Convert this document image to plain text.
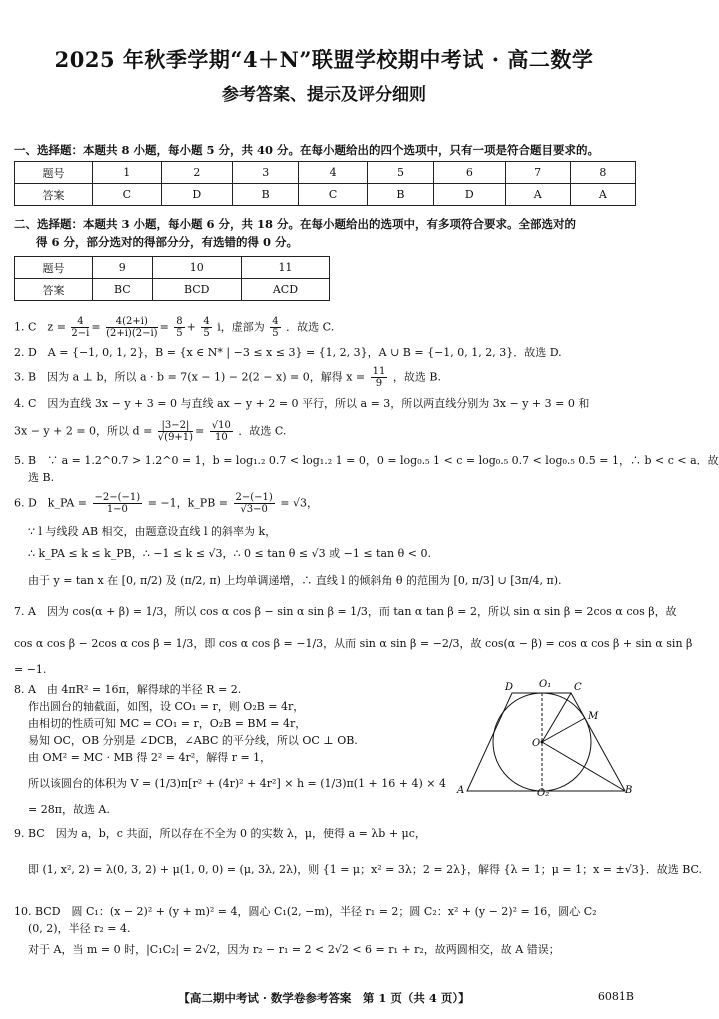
2025 年秋季学期“4＋N”联盟学校期中考试 · 高二数学
参考答案、提示及评分细则
一、选择题：本题共 8 小题，每小题 5 分，共 40 分。在每小题给出的四个选项中，只有一项是符合题目要求的。
题号	1	2	3	4	5	6	7	8
答案	C	D	B	C	B	D	A	A
二、选择题：本题共 3 小题，每小题 6 分，共 18 分。在每小题给出的选项中，有多项符合要求。全部选对的
得 6 分，部分选对的得部分分，有选错的得 0 分。
题号	9	10	11
答案	BC	BCD	ACD
1. C　$z = \frac{4}{2-i} = \frac{4(2+i)}{(2+i)(2-i)} = \frac{8}{5} + \frac{4}{5}$ i，虚部为 $\frac{4}{5}$ ．故选 C.
2. D　A = {−1, 0, 1, 2}，B = {x ∈ N* | −3 ≤ x ≤ 3} = {1, 2, 3}，A ∪ B = {−1, 0, 1, 2, 3}．故选 D.
3. B　因为 a ⊥ b，所以 a · b = 7(x − 1) − 2(2 − x) = 0，解得 $x = \frac{11}{9}$ ，故选 B.
4. C　因为直线 3x − y + 3 = 0 与直线 ax − y + 2 = 0 平行，所以 a = 3，所以两直线分别为 3x − y + 3 = 0 和
3x − y + 2 = 0，所以 $d = \frac{|3-2|}{√(9+1)} = \frac{√10}{10}$ ．故选 C.
5. B　∵ a = 1.2^0.7 > 1.2^0 = 1，b = log₁.₂ 0.7 < log₁.₂ 1 = 0，0 = log₀.₅ 1 < c = log₀.₅ 0.7 < log₀.₅ 0.5 = 1，∴ b < c < a．故
选 B.
6. D　k_PA = $\frac{-2-(-1)}{1-0} = -1$，k_PB = $\frac{2-(-1)}{√3-0} = √3$，
∵ l 与线段 AB 相交，由题意设直线 l 的斜率为 k，
∴ k_PA ≤ k ≤ k_PB，∴ −1 ≤ k ≤ √3，∴ 0 ≤ tan θ ≤ √3 或 −1 ≤ tan θ < 0.
由于 y = tan x 在 [0, π/2) 及 (π/2, π) 上均单调递增，∴ 直线 l 的倾斜角 θ 的范围为 [0, π/3] ∪ [3π/4, π).
7. A　因为 cos(α + β) = 1/3，所以 cos α cos β − sin α sin β = 1/3，而 tan α tan β = 2，所以 sin α sin β = 2cos α cos β，故
cos α cos β − 2cos α cos β = 1/3，即 cos α cos β = −1/3，从而 sin α sin β = −2/3，故 cos(α − β) = cos α cos β + sin α sin β
= −1.
8. A　由 4πR² = 16π，解得球的半径 R = 2.
作出圆台的轴截面，如图，设 CO₁ = r，则 O₂B = 4r，
由相切的性质可知 MC = CO₁ = r，O₂B = BM = 4r，
易知 OC，OB 分别是 ∠DCB，∠ABC 的平分线，所以 OC ⊥ OB.
由 OM² = MC · MB 得 2² = 4r²，解得 r = 1，
所以该圆台的体积为 V = (1/3)π[r² + (4r)² + 4r²] × h = (1/3)π(1 + 16 + 4) × 4
= 28π，故选 A.
D	O₁ C
M
O
A	O₂	B
9. BC　因为 a，b，c 共面，所以存在不全为 0 的实数 λ，μ，使得 a = λb + μc，
即 (1, x², 2) = λ(0, 3, 2) + μ(1, 0, 0) = (μ, 3λ, 2λ)，则 {1 = μ；x² = 3λ；2 = 2λ}，解得 {λ = 1；μ = 1；x = ±√3}．故选 BC.
10. BCD　圆 C₁：(x − 2)² + (y + m)² = 4，圆心 C₁(2, −m)，半径 r₁ = 2；圆 C₂：x² + (y − 2)² = 16，圆心 C₂
(0, 2)，半径 r₂ = 4.
对于 A，当 m = 0 时，|C₁C₂| = 2√2，因为 r₂ − r₁ = 2 < 2√2 < 6 = r₁ + r₂，故两圆相交，故 A 错误；
【高二期中考试 · 数学卷参考答案　第 1 页（共 4 页）】	6081B
